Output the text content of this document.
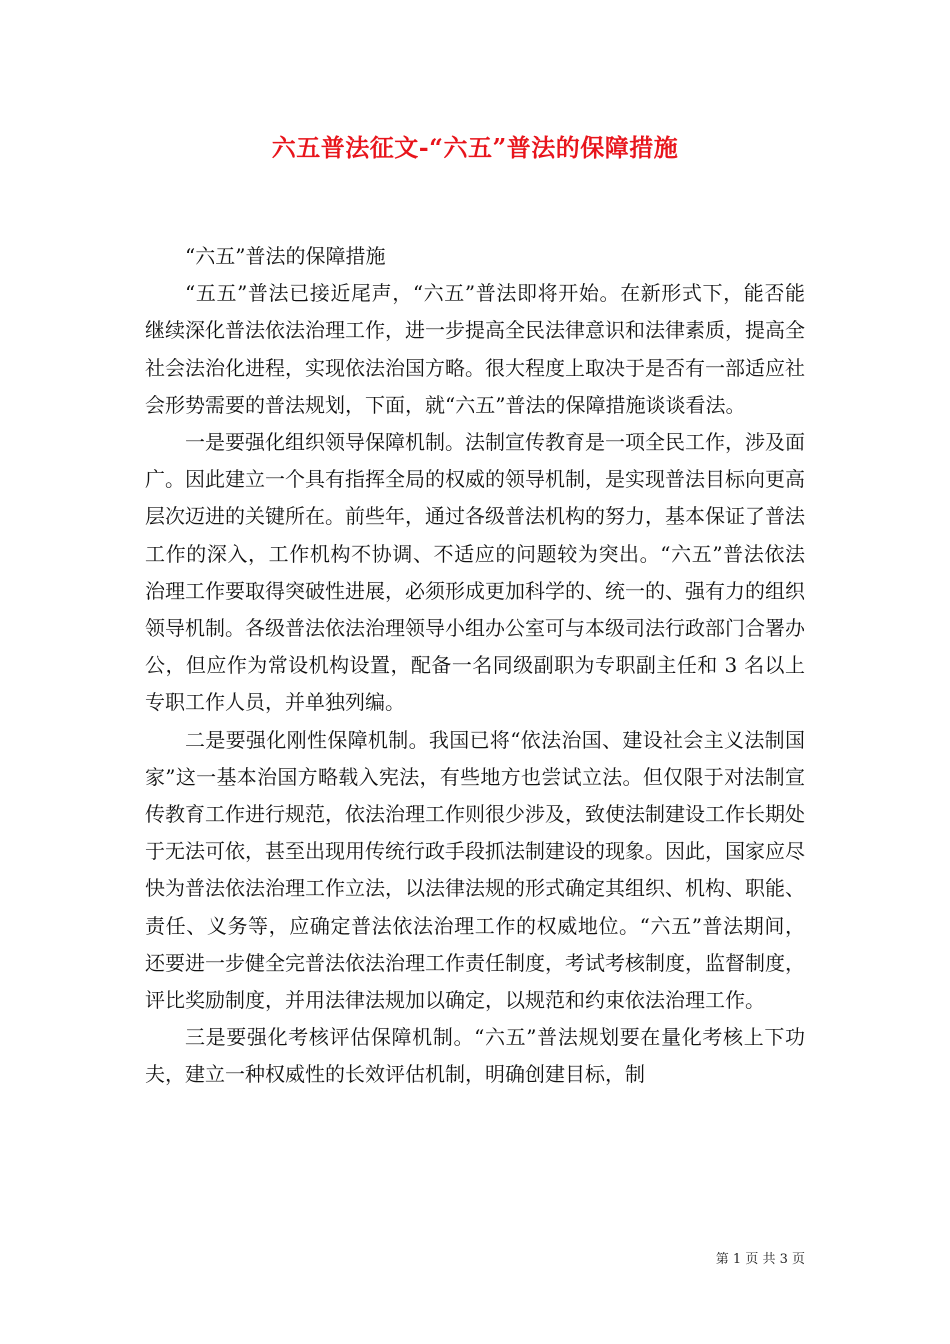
六五普法征文-“六五”普法的保障措施

“六五”普法的保障措施

“五五”普法已接近尾声，“六五”普法即将开始。在新形式下，能否能继续深化普法依法治理工作，进一步提高全民法律意识和法律素质，提高全社会法治化进程，实现依法治国方略。很大程度上取决于是否有一部适应社会形势需要的普法规划，下面，就“六五”普法的保障措施谈谈看法。

一是要强化组织领导保障机制。法制宣传教育是一项全民工作，涉及面广。因此建立一个具有指挥全局的权威的领导机制，是实现普法目标向更高层次迈进的关键所在。前些年，通过各级普法机构的努力，基本保证了普法工作的深入，工作机构不协调、不适应的问题较为突出。“六五”普法依法治理工作要取得突破性进展，必须形成更加科学的、统一的、强有力的组织领导机制。各级普法依法治理领导小组办公室可与本级司法行政部门合署办公，但应作为常设机构设置，配备一名同级副职为专职副主任和 3 名以上专职工作人员，并单独列编。

二是要强化刚性保障机制。我国已将“依法治国、建设社会主义法制国家”这一基本治国方略载入宪法，有些地方也尝试立法。但仅限于对法制宣传教育工作进行规范，依法治理工作则很少涉及，致使法制建设工作长期处于无法可依，甚至出现用传统行政手段抓法制建设的现象。因此，国家应尽快为普法依法治理工作立法，以法律法规的形式确定其组织、机构、职能、责任、义务等，应确定普法依法治理工作的权威地位。“六五”普法期间，还要进一步健全完普法依法治理工作责任制度，考试考核制度，监督制度，评比奖励制度，并用法律法规加以确定，以规范和约束依法治理工作。

三是要强化考核评估保障机制。“六五”普法规划要在量化考核上下功夫，建立一种权威性的长效评估机制，明确创建目标，制

第 1 页 共 3 页
